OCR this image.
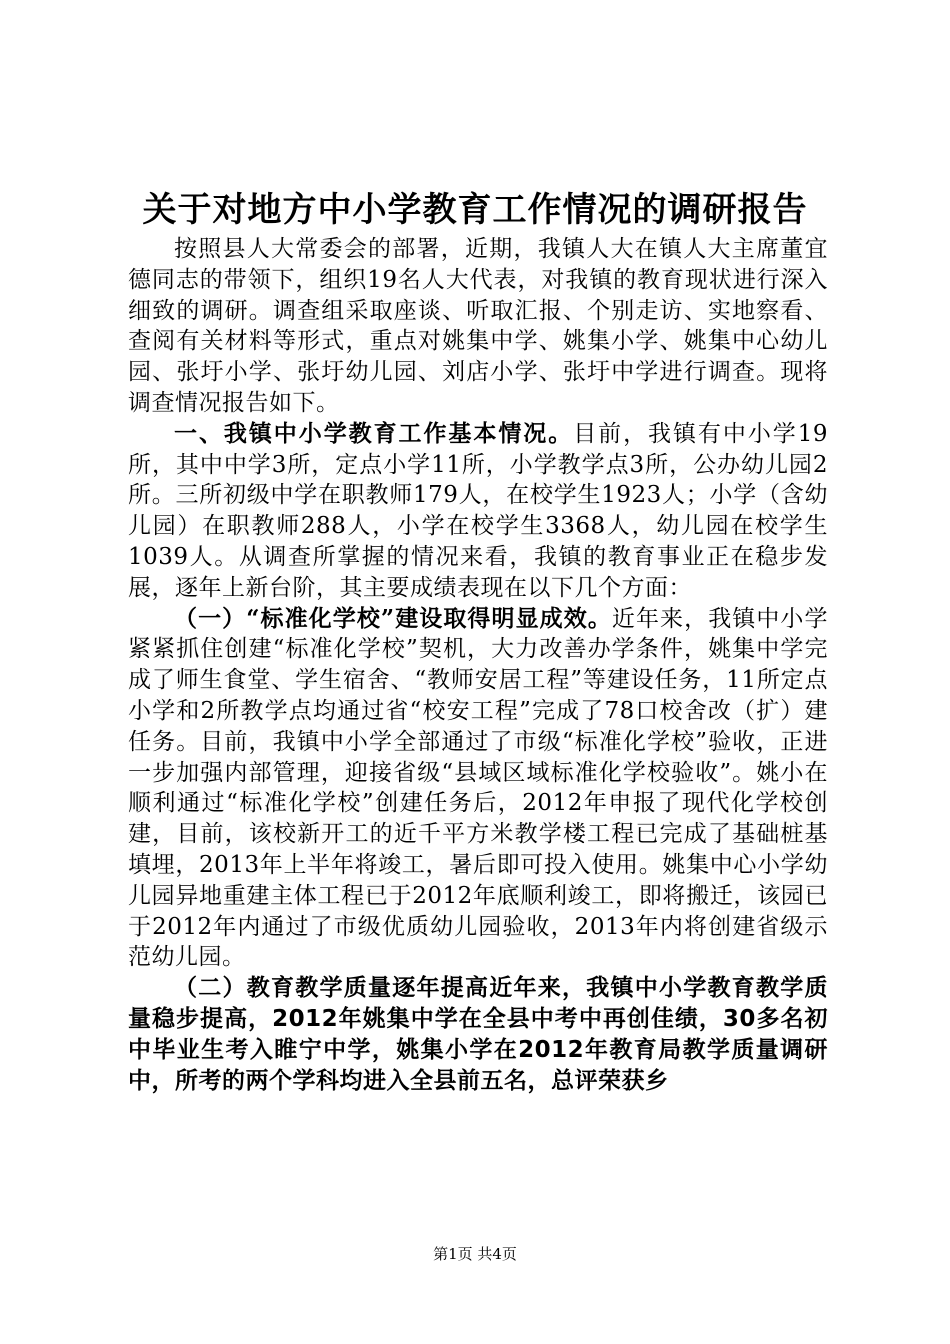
关于对地方中小学教育工作情况的调研报告

按照县人大常委会的部署，近期，我镇人大在镇人大主席董宜德同志的带领下，组织19名人大代表，对我镇的教育现状进行深入细致的调研。调查组采取座谈、听取汇报、个别走访、实地察看、查阅有关材料等形式，重点对姚集中学、姚集小学、姚集中心幼儿园、张圩小学、张圩幼儿园、刘店小学、张圩中学进行调查。现将调查情况报告如下。

一、我镇中小学教育工作基本情况。目前，我镇有中小学19所，其中中学3所，定点小学11所，小学教学点3所，公办幼儿园2所。三所初级中学在职教师179人，在校学生1923人；小学（含幼儿园）在职教师288人，小学在校学生3368人，幼儿园在校学生1039人。从调查所掌握的情况来看，我镇的教育事业正在稳步发展，逐年上新台阶，其主要成绩表现在以下几个方面：

（一）“标准化学校”建设取得明显成效。近年来，我镇中小学紧紧抓住创建“标准化学校”契机，大力改善办学条件，姚集中学完成了师生食堂、学生宿舍、“教师安居工程”等建设任务，11所定点小学和2所教学点均通过省“校安工程”完成了78口校舍改（扩）建任务。目前，我镇中小学全部通过了市级“标准化学校”验收，正进一步加强内部管理，迎接省级“县域区域标准化学校验收”。姚小在顺利通过“标准化学校”创建任务后，2012年申报了现代化学校创建，目前，该校新开工的近千平方米教学楼工程已完成了基础桩基填埋，2013年上半年将竣工，暑后即可投入使用。姚集中心小学幼儿园异地重建主体工程已于2012年底顺利竣工，即将搬迁，该园已于2012年内通过了市级优质幼儿园验收，2013年内将创建省级示范幼儿园。

（二）教育教学质量逐年提高近年来，我镇中小学教育教学质量稳步提高，2012年姚集中学在全县中考中再创佳绩，30多名初中毕业生考入睢宁中学，姚集小学在2012年教育局教学质量调研中，所考的两个学科均进入全县前五名，总评荣获乡

第1页 共4页
